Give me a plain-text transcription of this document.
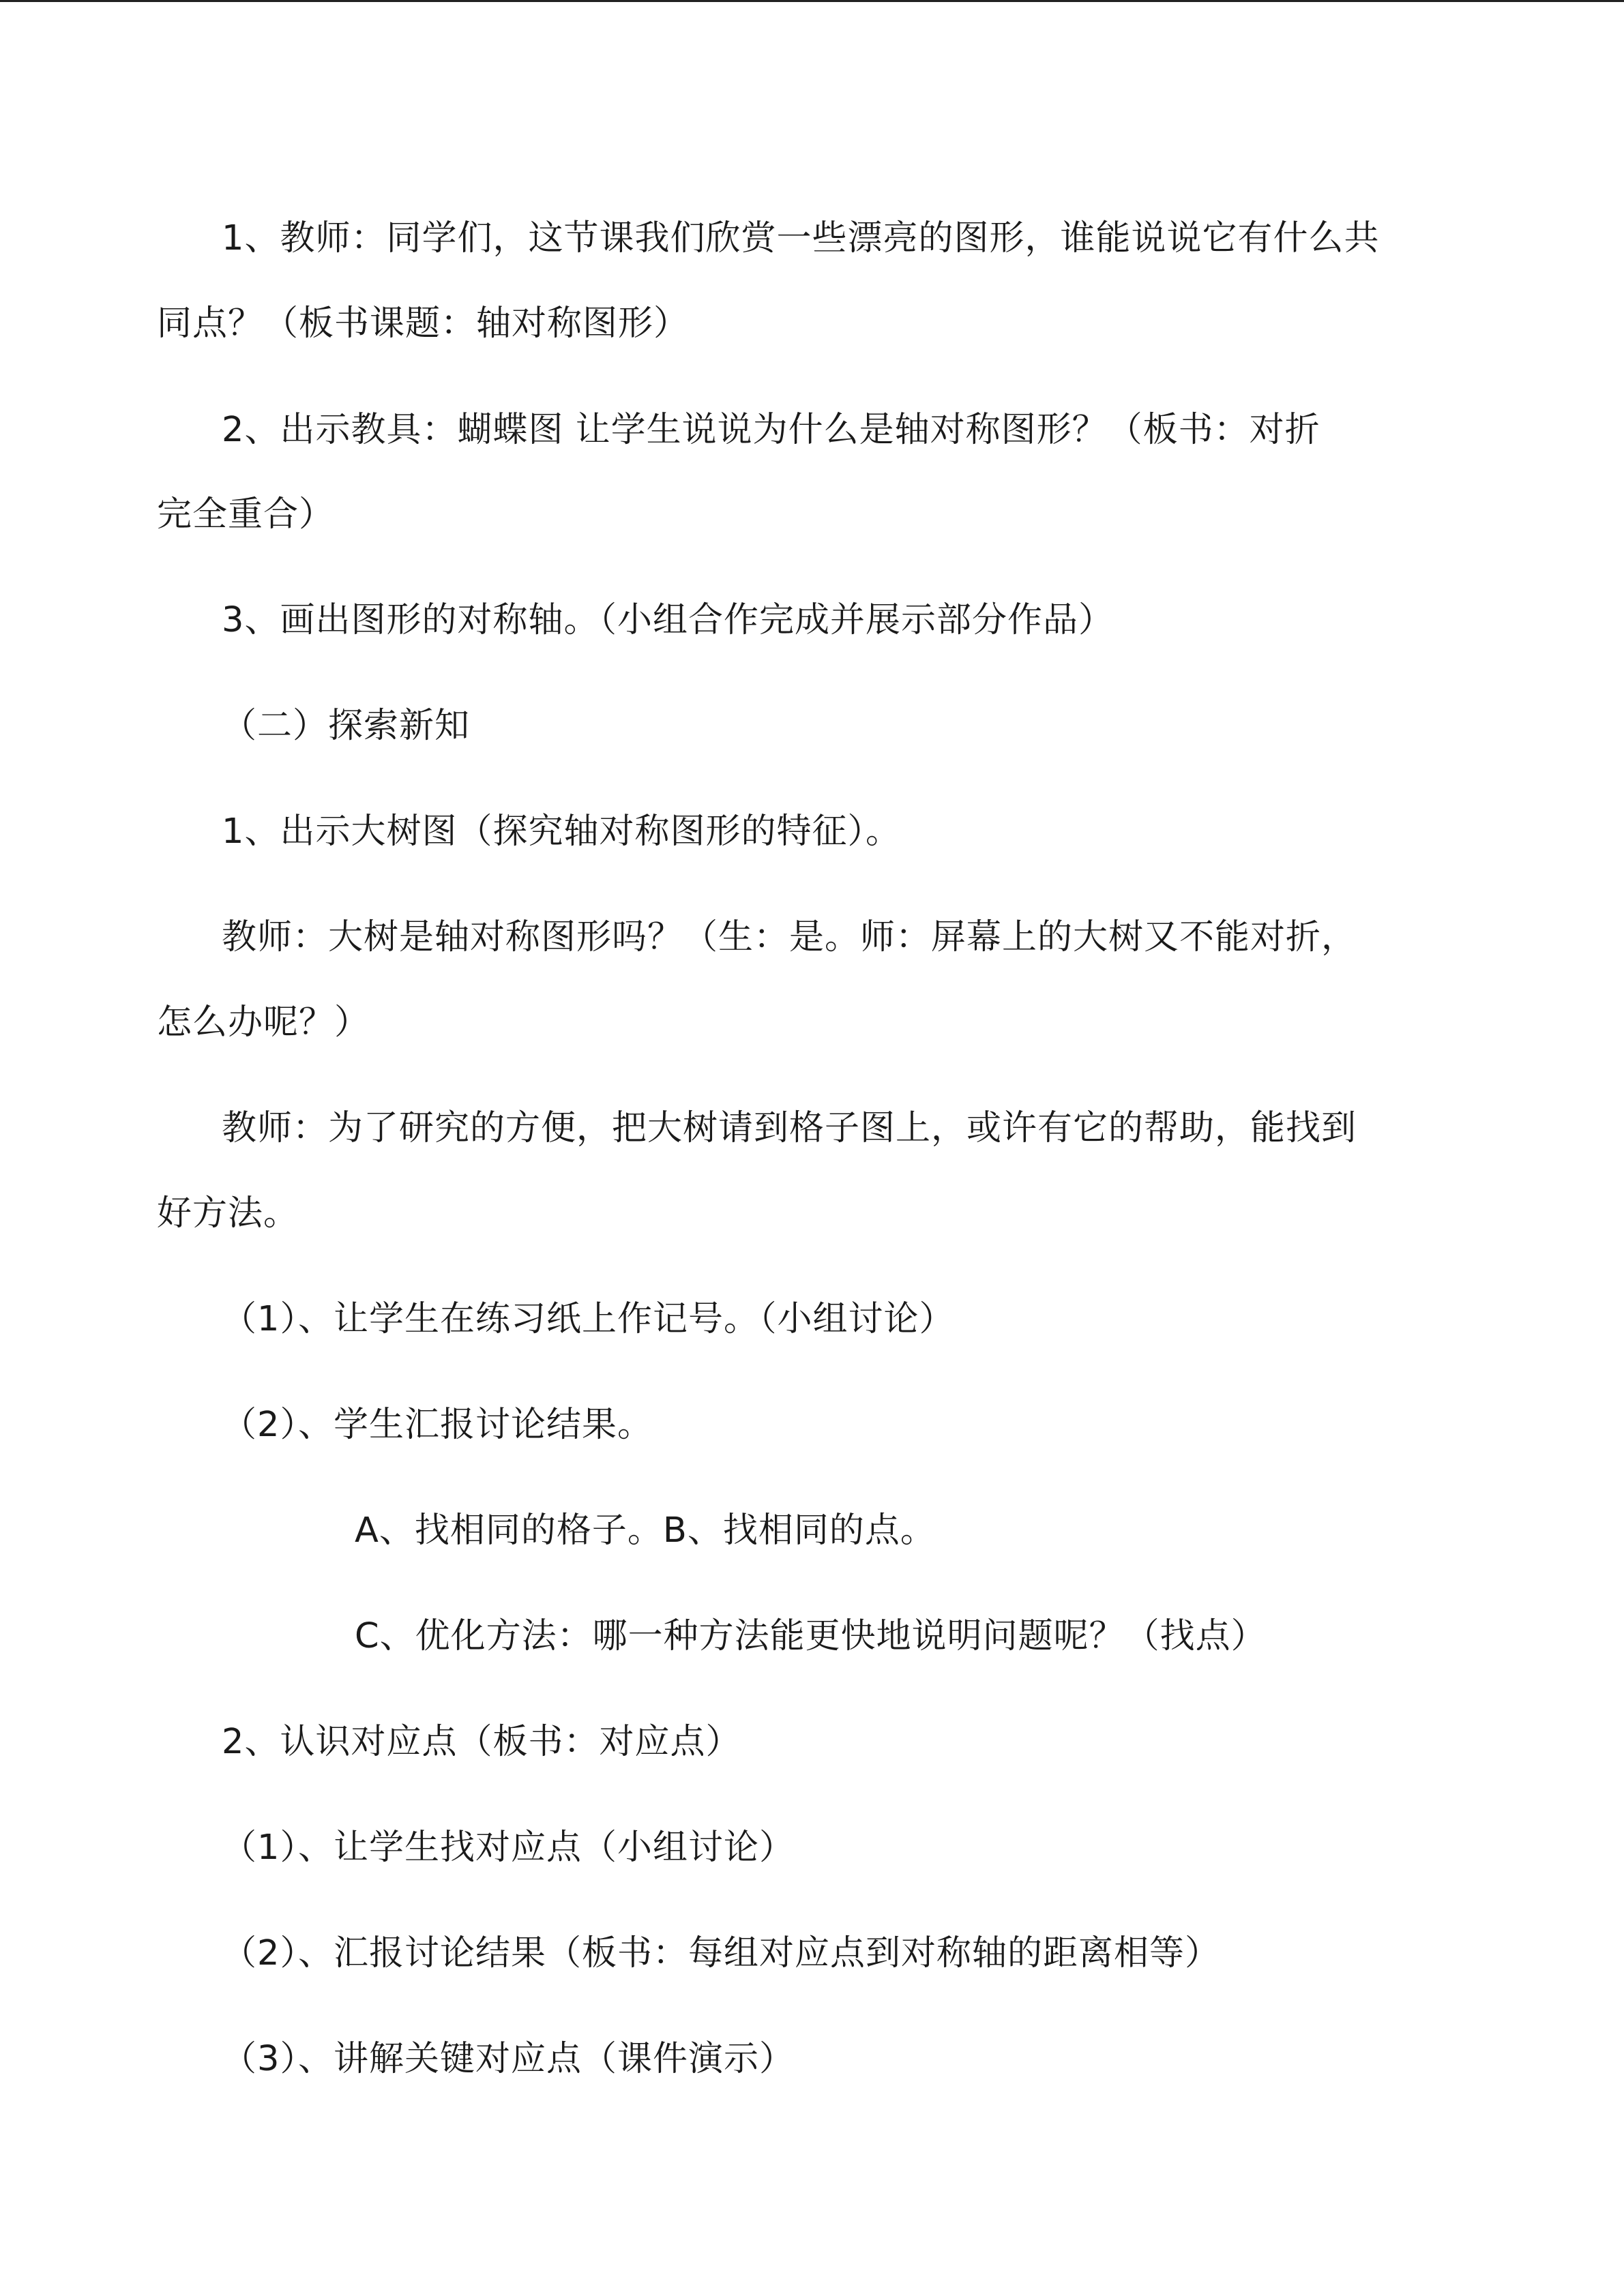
1、教师：同学们，这节课我们欣赏一些漂亮的图形，谁能说说它有什么共
同点？（板书课题：轴对称图形）
2、出示教具：蝴蝶图 让学生说说为什么是轴对称图形？（板书：对折
完全重合）
3、画出图形的对称轴。（小组合作完成并展示部分作品）
（二）探索新知
1、出示大树图（探究轴对称图形的特征）。
教师：大树是轴对称图形吗？（生：是。师：屏幕上的大树又不能对折，
怎么办呢？）
教师：为了研究的方便，把大树请到格子图上，或许有它的帮助，能找到
好方法。
（1）、让学生在练习纸上作记号。（小组讨论）
（2）、学生汇报讨论结果。
A、找相同的格子。B、找相同的点。
C、优化方法：哪一种方法能更快地说明问题呢？（找点）
2、认识对应点（板书：对应点）
（1）、让学生找对应点（小组讨论）
（2）、汇报讨论结果（板书：每组对应点到对称轴的距离相等）
（3）、讲解关键对应点（课件演示）
